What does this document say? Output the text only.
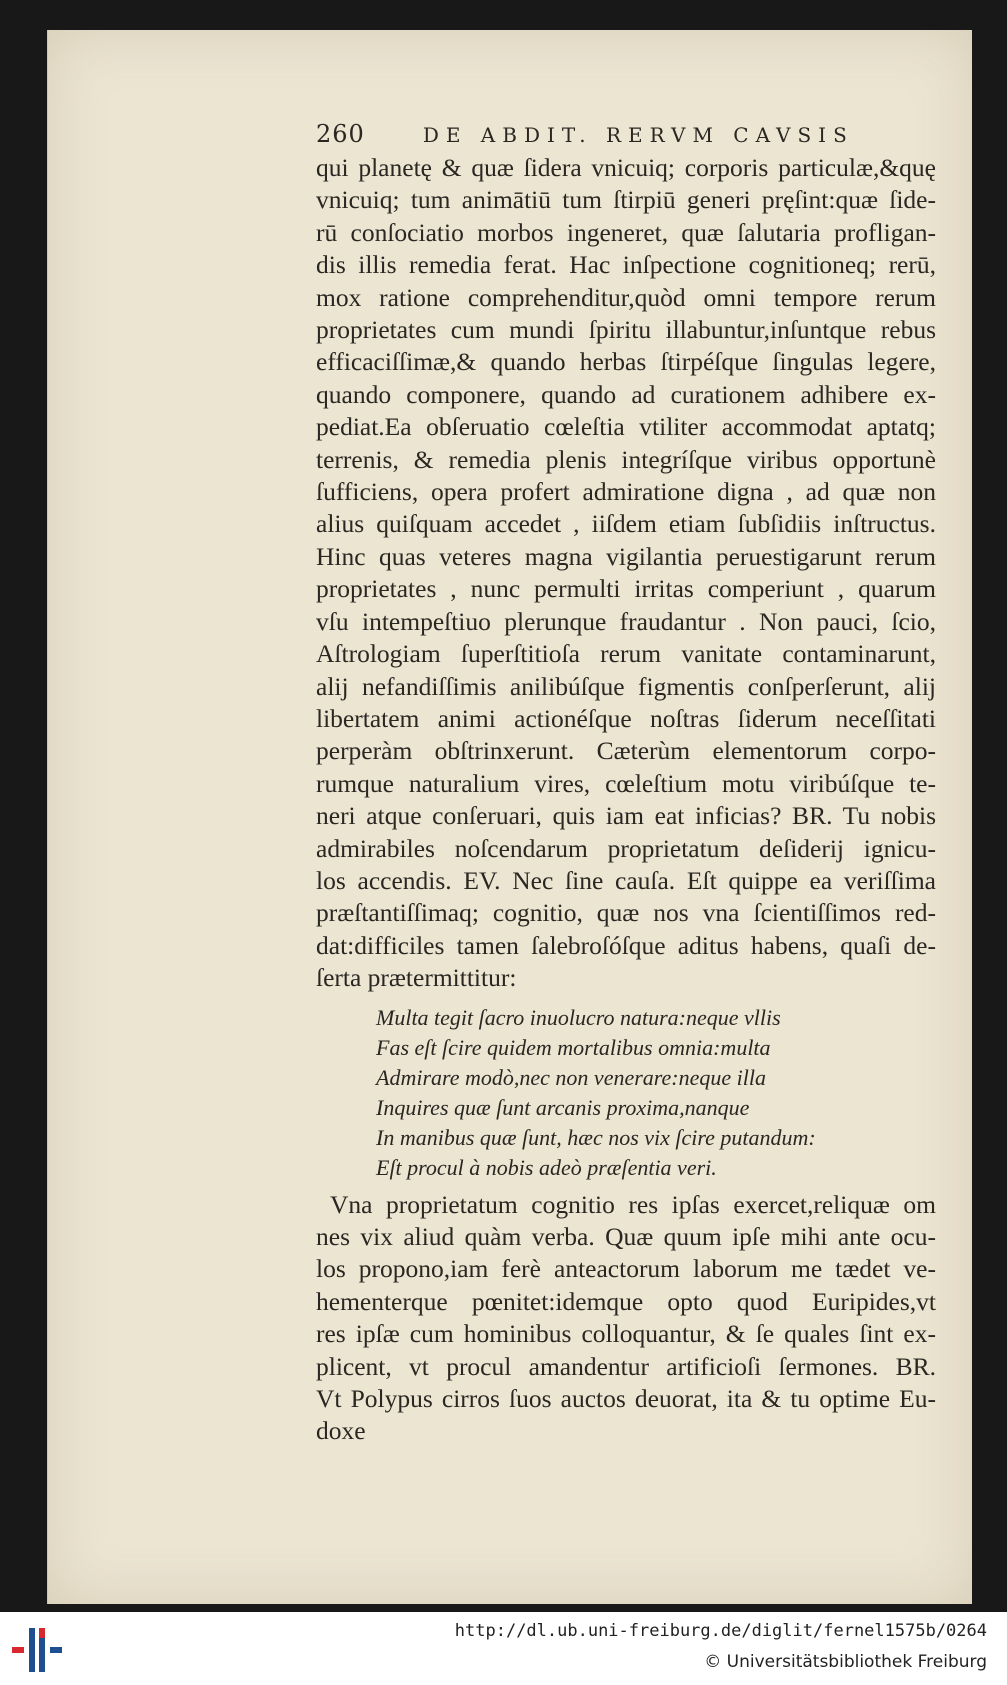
260	DE ABDIT. RERVM CAVSIS
qui planetę & quæ ſidera vnicuiq; corporis particulæ,&quę
vnicuiq; tum animātiū tum ſtirpiū generi pręſint:quæ ſide-
rū conſociatio morbos ingeneret, quæ ſalutaria profligan-
dis illis remedia ferat. Hac inſpectione cognitioneq; rerū,
mox ratione comprehenditur,quòd omni tempore rerum
proprietates cum mundi ſpiritu illabuntur,inſuntque rebus
efficaciſſimæ,& quando herbas ſtirpéſque ſingulas legere,
quando componere, quando ad curationem adhibere ex-
pediat.Ea obſeruatio cœleſtia vtiliter accommodat aptatq;
terrenis, & remedia plenis integríſque viribus opportunè
ſufficiens, opera profert admiratione digna , ad quæ non
alius quiſquam accedet , iiſdem etiam ſubſidiis inſtructus.
Hinc quas veteres magna vigilantia peruestigarunt rerum
proprietates , nunc permulti irritas comperiunt , quarum
vſu intempeſtiuo plerunque fraudantur . Non pauci, ſcio,
Aſtrologiam ſuperſtitioſa rerum vanitate contaminarunt,
alij nefandiſſimis anilibúſque figmentis conſperſerunt, alij
libertatem animi actionéſque noſtras ſiderum neceſſitati
perperàm obſtrinxerunt. Cæterùm elementorum corpo-
rumque naturalium vires, cœleſtium motu viribúſque te-
neri atque conſeruari, quis iam eat inficias? BR. Tu nobis
admirabiles noſcendarum proprietatum deſiderij ignicu-
los accendis. EV. Nec ſine cauſa. Eſt quippe ea veriſſima
præſtantiſſimaq; cognitio, quæ nos vna ſcientiſſimos red-
dat:difficiles tamen ſalebroſóſque aditus habens, quaſi de-
ſerta prætermittitur:
Multa tegit ſacro inuolucro natura:neque vllis
Fas eſt ſcire quidem mortalibus omnia:multa
Admirare modò,nec non venerare:neque illa
Inquires quæ ſunt arcanis proxima,nanque
In manibus quæ ſunt, hæc nos vix ſcire putandum:
Eſt procul à nobis adeò præſentia veri.
Vna proprietatum cognitio res ipſas exercet,reliquæ om
nes vix aliud quàm verba. Quæ quum ipſe mihi ante ocu-
los propono,iam ferè anteactorum laborum me tædet ve-
hementerque pœnitet:idemque opto quod Euripides,vt
res ipſæ cum hominibus colloquantur, & ſe quales ſint ex-
plicent, vt procul amandentur artificioſi ſermones. BR.
Vt Polypus cirros ſuos auctos deuorat, ita & tu optime Eu-
doxe
http://dl.ub.uni-freiburg.de/diglit/fernel1575b/0264
© Universitätsbibliothek Freiburg
